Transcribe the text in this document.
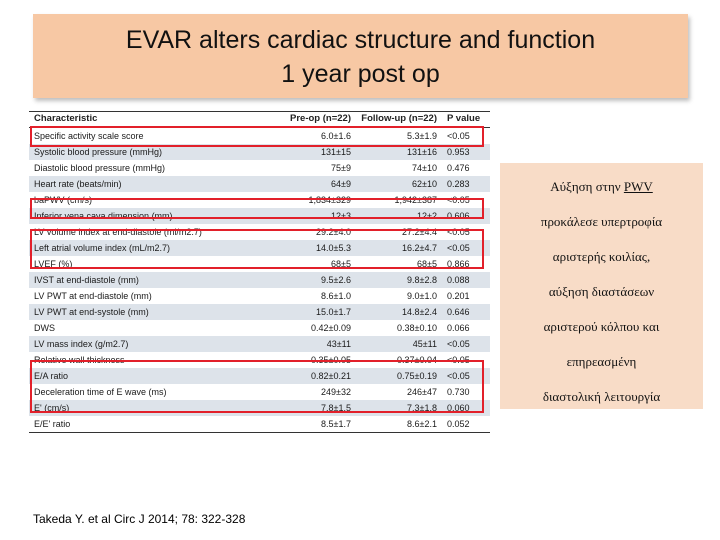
EVAR alters cardiac structure and function
1 year post op
Characteristic	Pre-op (n=22)	Follow-up (n=22) P value
Specific activity scale score	6.0±1.6	5.3±1.9 <0.05
Systolic blood pressure (mmHg)	131±15	131±16 0.953
Diastolic blood pressure (mmHg)	75±9	74±10 0.476
Heart rate (beats/min)	64±9	62±10 0.283
baPWV (cm/s)	1,834±329	1,942±387 <0.05
Inferior vena cava dimension (mm)	12±3	12±2 0.606
LV volume index at end-diastole (ml/m2.7)	29.2±4.0	27.2±4.4 <0.05
Left atrial volume index (mL/m2.7)	14.0±5.3	16.2±4.7 <0.05
LVEF (%)	68±5	68±5 0.866
IVST at end-diastole (mm)	9.5±2.6	9.8±2.8 0.088
LV PWT at end-diastole (mm)	8.6±1.0	9.0±1.0 0.201
LV PWT at end-systole (mm)	15.0±1.7	14.8±2.4 0.646
DWS	0.42±0.09	0.38±0.10 0.066
LV mass index (g/m2.7)	43±11	45±11 <0.05
Relative wall thickness	0.35±0.05	0.37±0.04 <0.05
E/A ratio	0.82±0.21	0.75±0.19 <0.05
Deceleration time of E wave (ms)	249±32	246±47 0.730
E' (cm/s)	7.8±1.5	7.3±1.8 0.060
E/E' ratio	8.5±1.7	8.6±2.1 0.052
Αύξηση στην PWV
προκάλεσε υπερτροφία
αριστερής κοιλίας,
αύξηση διαστάσεων
αριστερού κόλπου και
επηρεασμένη
διαστολική λειτουργία
Takeda Y. et al Circ J 2014; 78: 322-328
